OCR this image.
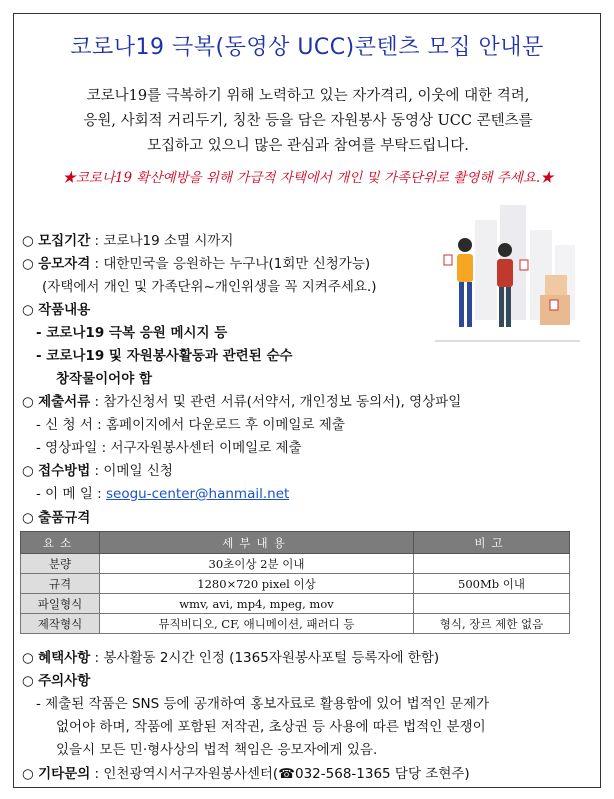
코로나19 극복(동영상 UCC)콘텐츠 모집 안내문
코로나19를 극복하기 위해 노력하고 있는 자가격리, 이웃에 대한 격려,
응원, 사회적 거리두기, 칭찬 등을 담은 자원봉사 동영상 UCC 콘텐츠를
모집하고 있으니 많은 관심과 참여를 부탁드립니다.
★코로나19 확산예방을 위해 가급적 자택에서 개인 및 가족단위로 촬영해 주세요.★
○ 모집기간 : 코로나19 소멸 시까지
○ 응모자격 : 대한민국을 응원하는 누구나(1회만 신청가능)
(자택에서 개인 및 가족단위~개인위생을 꼭 지켜주세요.)
○ 작품내용
- 코로나19 극복 응원 메시지 등
- 코로나19 및 자원봉사활동과 관련된 순수
창작물이어야 함
○ 제출서류 : 참가신청서 및 관련 서류(서약서, 개인정보 동의서), 영상파일
- 신 청 서 : 홈페이지에서 다운로드 후 이메일로 제출
- 영상파일 : 서구자원봉사센터 이메일로 제출
○ 접수방법 : 이메일 신청
- 이 메 일 : seogu-center@hanmail.net
○ 출품규격
요소	세부내용	비고
분량	30초이상 2분 이내	
규격	1280×720 pixel 이상	500Mb 이내
파일형식	wmv, avi, mp4, mpeg, mov	
제작형식	뮤직비디오, CF, 애니메이션, 패러디 등	형식, 장르 제한 없음
○ 혜택사항 : 봉사활동 2시간 인정 (1365자원봉사포털 등록자에 한함)
○ 주의사항
- 제출된 작품은 SNS 등에 공개하여 홍보자료로 활용함에 있어 법적인 문제가
없어야 하며, 작품에 포함된 저작권, 초상권 등 사용에 따른 법적인 분쟁이
있을시 모든 민·형사상의 법적 책임은 응모자에게 있음.
○ 기타문의 : 인천광역시서구자원봉사센터(☎032-568-1365 담당 조현주)
